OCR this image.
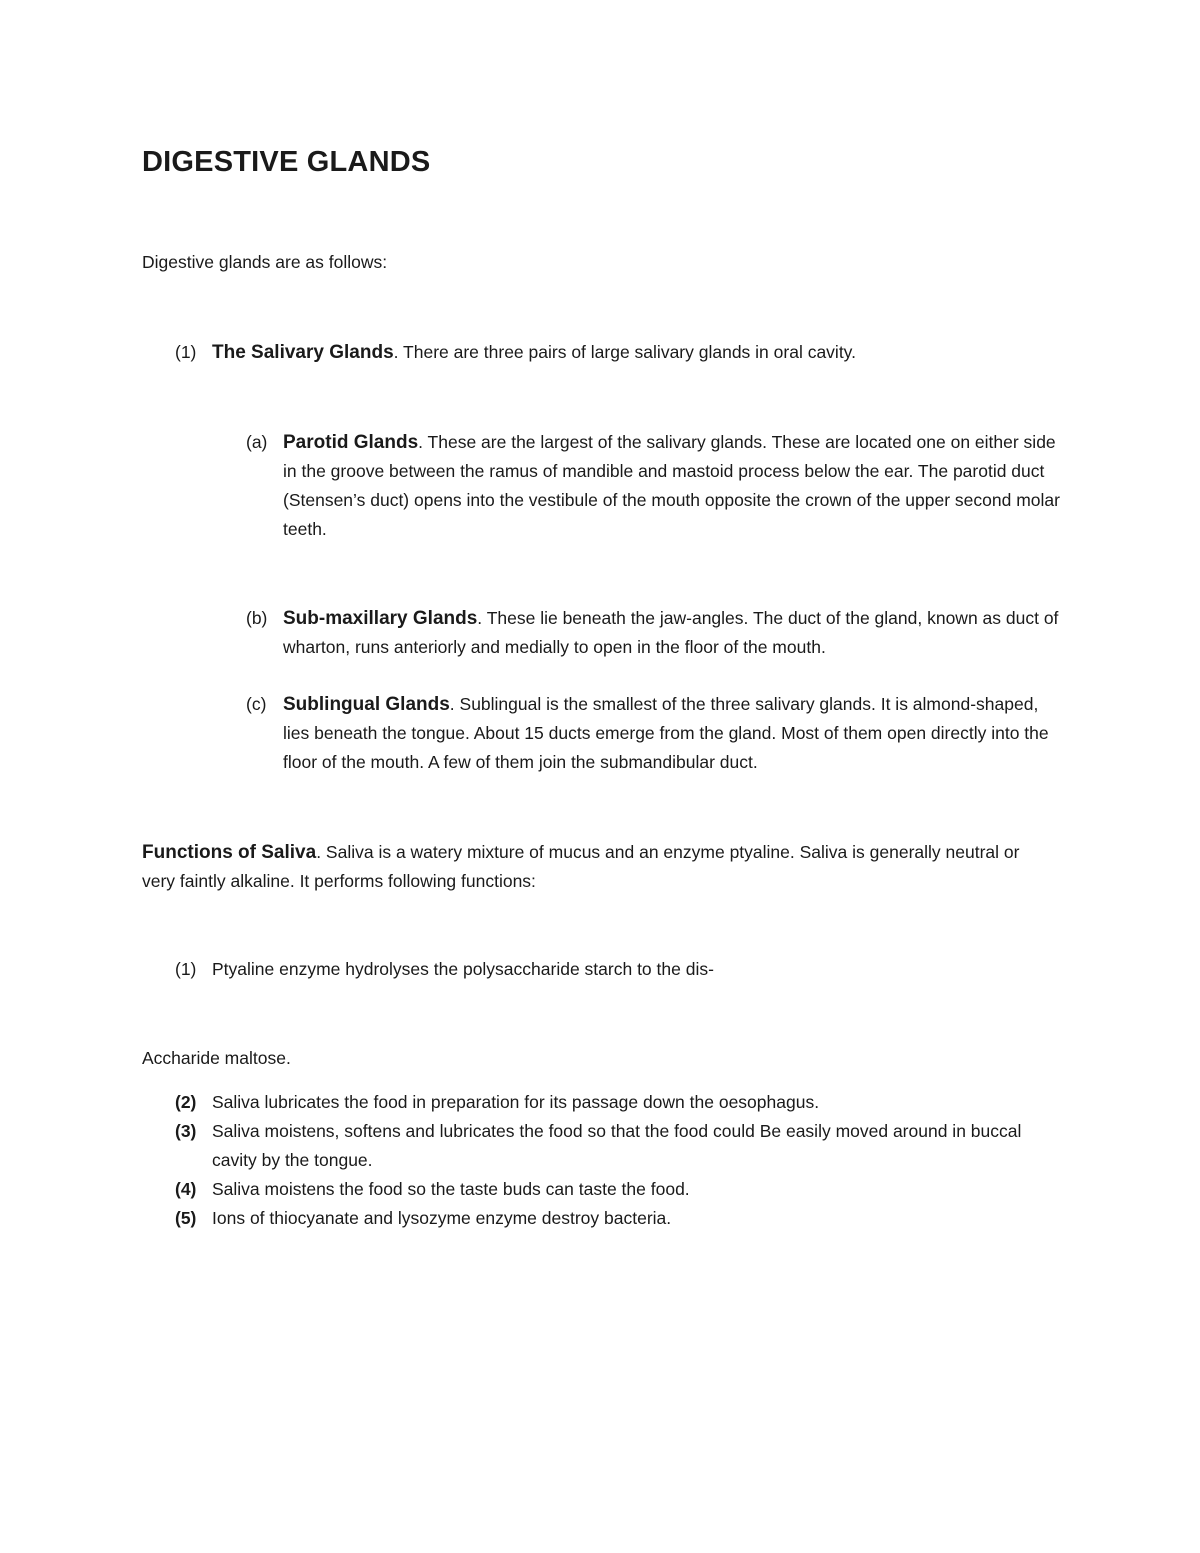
DIGESTIVE GLANDS

Digestive glands are as follows:

(1) The Salivary Glands. There are three pairs of large salivary glands in oral cavity.
(a) Parotid Glands. These are the largest of the salivary glands. These are located one on either side in the groove between the ramus of mandible and mastoid process below the ear. The parotid duct (Stensen’s duct) opens into the vestibule of the mouth opposite the crown of the upper second molar teeth.
(b) Sub-maxillary Glands. These lie beneath the jaw-angles. The duct of the gland, known as duct of wharton, runs anteriorly and medially to open in the floor of the mouth.
(c) Sublingual Glands. Sublingual is the smallest of the three salivary glands. It is almond-shaped, lies beneath the tongue. About 15 ducts emerge from the gland. Most of them open directly into the floor of the mouth. A few of them join the submandibular duct.

Functions of Saliva. Saliva is a watery mixture of mucus and an enzyme ptyaline. Saliva is generally neutral or very faintly alkaline. It performs following functions:

(1) Ptyaline enzyme hydrolyses the polysaccharide starch to the dis-

Accharide maltose.

(2) Saliva lubricates the food in preparation for its passage down the oesophagus.
(3) Saliva moistens, softens and lubricates the food so that the food could Be easily moved around in buccal cavity by the tongue.
(4) Saliva moistens the food so the taste buds can taste the food.
(5) Ions of thiocyanate and lysozyme enzyme destroy bacteria.
